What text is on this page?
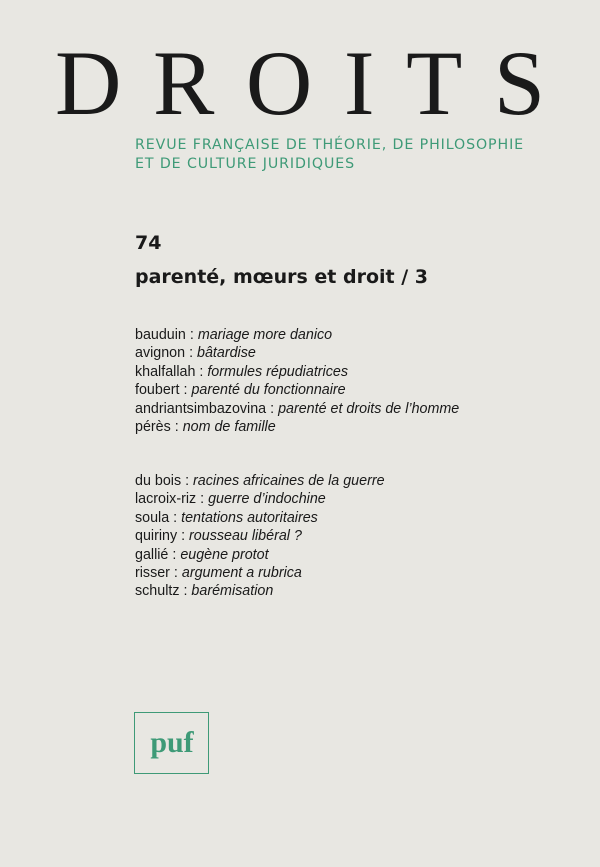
DROITS
REVUE FRANÇAISE DE THÉORIE, DE PHILOSOPHIE
ET DE CULTURE JURIDIQUES
74
parenté, mœurs et droit / 3
bauduin : mariage more danico
avignon : bâtardise
khalfallah : formules répudiatrices
foubert : parenté du fonctionnaire
andriantsimbazovina : parenté et droits de l’homme
pérès : nom de famille
du bois : racines africaines de la guerre
lacroix-riz : guerre d’indochine
soula : tentations autoritaires
quiriny : rousseau libéral ?
gallié : eugène protot
risser : argument a rubrica
schultz : barémisation
puf
